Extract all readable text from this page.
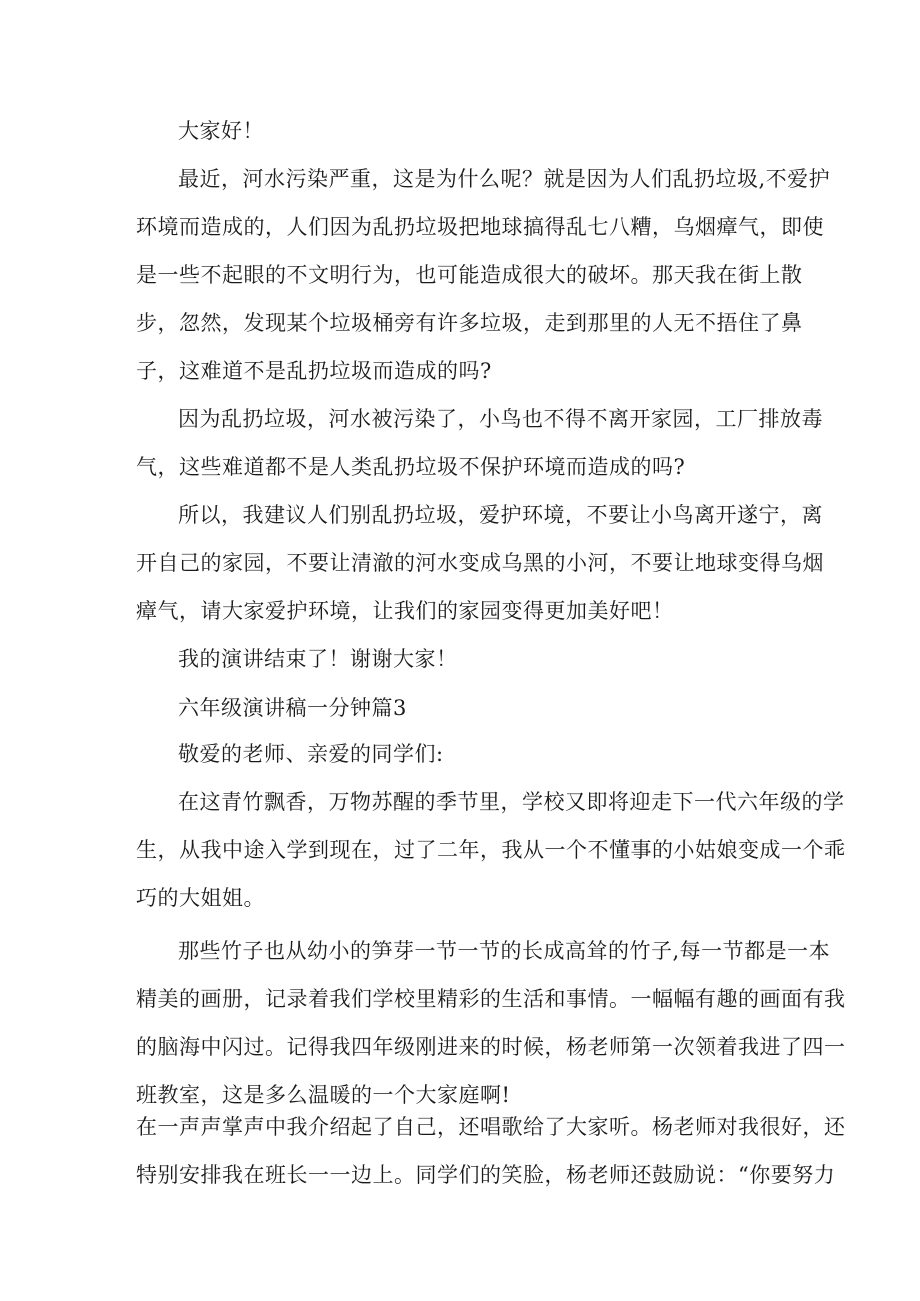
大家好！
最近，河水污染严重，这是为什么呢？就是因为人们乱扔垃圾,不爱护
环境而造成的，人们因为乱扔垃圾把地球搞得乱七八糟，乌烟瘴气，即使
是一些不起眼的不文明行为，也可能造成很大的破坏。那天我在街上散
步，忽然，发现某个垃圾桶旁有许多垃圾，走到那里的人无不捂住了鼻
子，这难道不是乱扔垃圾而造成的吗?
因为乱扔垃圾，河水被污染了，小鸟也不得不离开家园，工厂排放毒
气，这些难道都不是人类乱扔垃圾不保护环境而造成的吗?
所以，我建议人们别乱扔垃圾，爱护环境，不要让小鸟离开遂宁，离
开自己的家园，不要让清澈的河水变成乌黑的小河，不要让地球变得乌烟
瘴气，请大家爱护环境，让我们的家园变得更加美好吧！
我的演讲结束了！谢谢大家！
六年级演讲稿一分钟篇3
敬爱的老师、亲爱的同学们:
在这青竹飘香，万物苏醒的季节里，学校又即将迎走下一代六年级的学
生，从我中途入学到现在，过了二年，我从一个不懂事的小姑娘变成一个乖
巧的大姐姐。
那些竹子也从幼小的笋芽一节一节的长成高耸的竹子,每一节都是一本
精美的画册，记录着我们学校里精彩的生活和事情。一幅幅有趣的画面有我
的脑海中闪过。记得我四年级刚进来的时候，杨老师第一次领着我进了四一
班教室，这是多么温暖的一个大家庭啊!
在一声声掌声中我介绍起了自己，还唱歌给了大家听。杨老师对我很好，还
特别安排我在班长一一边上。同学们的笑脸，杨老师还鼓励说：“你要努力
